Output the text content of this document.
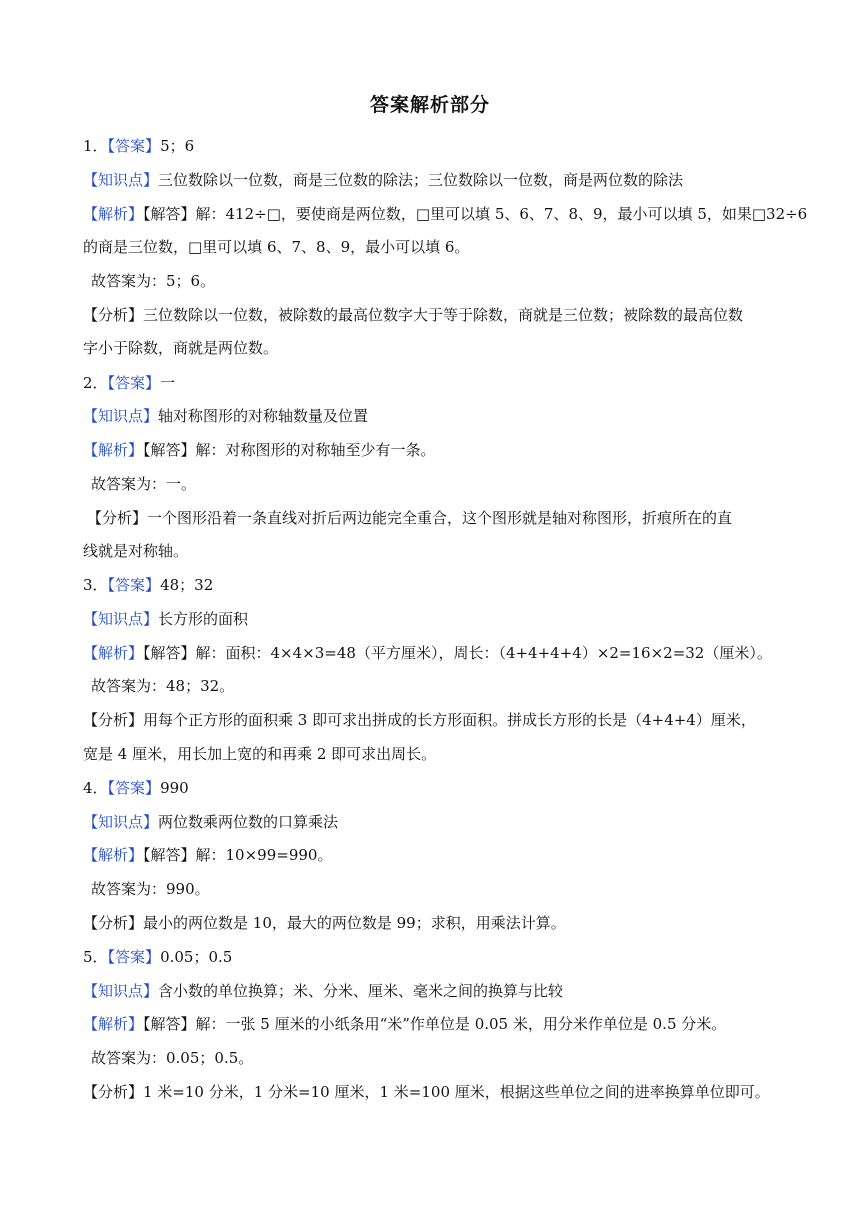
答案解析部分
1．【答案】5；6
【知识点】三位数除以一位数，商是三位数的除法；三位数除以一位数，商是两位数的除法
【解析】【解答】解：412÷□，要使商是两位数，□里可以填 5、6、7、8、9，最小可以填 5，如果□32÷6
的商是三位数，□里可以填 6、7、8、9，最小可以填 6。
故答案为：5；6。
【分析】三位数除以一位数，被除数的最高位数字大于等于除数，商就是三位数；被除数的最高位数
字小于除数，商就是两位数。
2．【答案】一
【知识点】轴对称图形的对称轴数量及位置
【解析】【解答】解：对称图形的对称轴至少有一条。
故答案为：一。
【分析】一个图形沿着一条直线对折后两边能完全重合，这个图形就是轴对称图形，折痕所在的直
线就是对称轴。
3．【答案】48；32
【知识点】长方形的面积
【解析】【解答】解：面积：4×4×3=48（平方厘米），周长：（4+4+4+4）×2=16×2=32（厘米）。
故答案为：48；32。
【分析】用每个正方形的面积乘 3 即可求出拼成的长方形面积。拼成长方形的长是（4+4+4）厘米，
宽是 4 厘米，用长加上宽的和再乘 2 即可求出周长。
4．【答案】990
【知识点】两位数乘两位数的口算乘法
【解析】【解答】解：10×99=990。
故答案为：990。
【分析】最小的两位数是 10，最大的两位数是 99；求积，用乘法计算。
5．【答案】0.05；0.5
【知识点】含小数的单位换算；米、分米、厘米、毫米之间的换算与比较
【解析】【解答】解：一张 5 厘米的小纸条用“米”作单位是 0.05 米，用分米作单位是 0.5 分米。
故答案为：0.05；0.5。
【分析】1 米=10 分米，1 分米=10 厘米，1 米=100 厘米，根据这些单位之间的进率换算单位即可。
